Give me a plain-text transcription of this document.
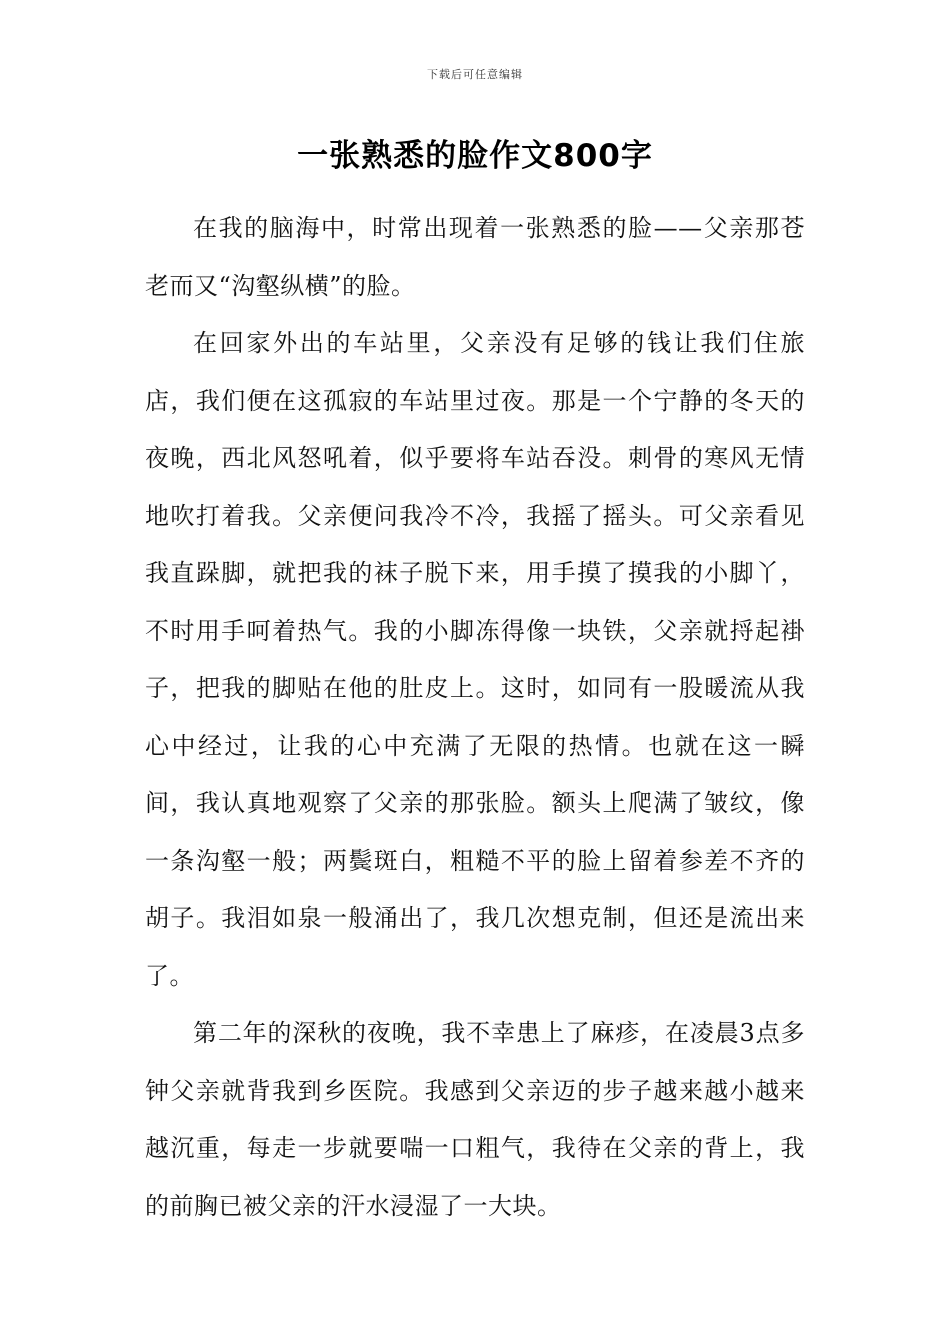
下载后可任意编辑
一张熟悉的脸作文800字

在我的脑海中，时常出现着一张熟悉的脸——父亲那苍老而又“沟壑纵横”的脸。

在回家外出的车站里，父亲没有足够的钱让我们住旅店，我们便在这孤寂的车站里过夜。那是一个宁静的冬天的夜晚，西北风怒吼着，似乎要将车站吞没。刺骨的寒风无情地吹打着我。父亲便问我冷不冷，我摇了摇头。可父亲看见我直跺脚，就把我的袜子脱下来，用手摸了摸我的小脚丫，不时用手呵着热气。我的小脚冻得像一块铁，父亲就捋起褂子，把我的脚贴在他的肚皮上。这时，如同有一股暖流从我心中经过，让我的心中充满了无限的热情。也就在这一瞬间，我认真地观察了父亲的那张脸。额头上爬满了皱纹，像一条沟壑一般；两鬓斑白，粗糙不平的脸上留着参差不齐的胡子。我泪如泉一般涌出了，我几次想克制，但还是流出来了。

第二年的深秋的夜晚，我不幸患上了麻疹，在凌晨3点多钟父亲就背我到乡医院。我感到父亲迈的步子越来越小越来越沉重，每走一步就要喘一口粗气，我待在父亲的背上，我的前胸已被父亲的汗水浸湿了一大块。
